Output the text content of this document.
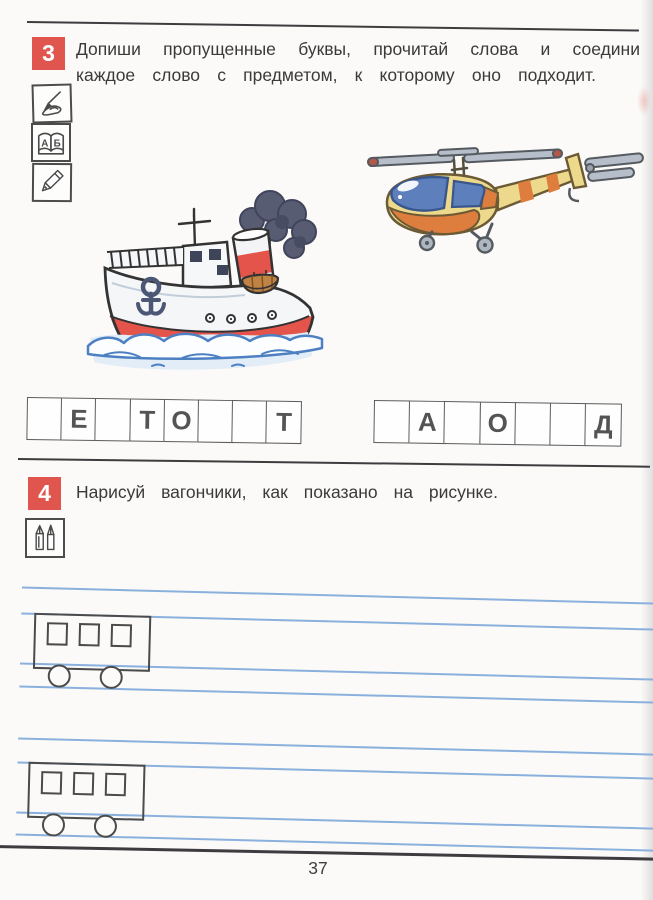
3	Допиши пропущенные буквы, прочитай слова и соедини
каждое слово с предметом, к которому оно подходит.
А Б
Е	Т О	Т	А	О	Д
4	Нарисуй вагончики, как показано на рисунке.
37
